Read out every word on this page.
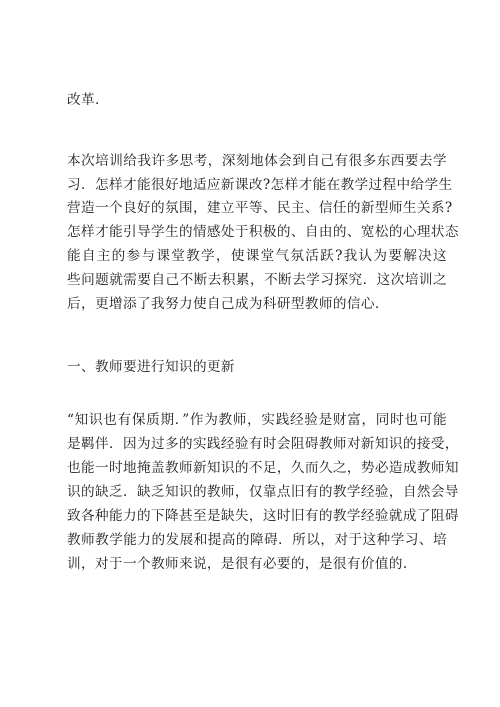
改革.
本次培训给我许多思考，深刻地体会到自己有很多东西要去学
习．怎样才能很好地适应新课改?怎样才能在教学过程中给学生
营造一个良好的氛围，建立平等、民主、信任的新型师生关系?
怎样才能引导学生的情感处于积极的、自由的、宽松的心理状态
能自主的参与课堂教学，使课堂气氛活跃?我认为要解决这
些问题就需要自己不断去积累，不断去学习探究．这次培训之
后，更增添了我努力使自己成为科研型教师的信心.
一、教师要进行知识的更新
“知识也有保质期．”作为教师，实践经验是财富，同时也可能
是羁伴．因为过多的实践经验有时会阻碍教师对新知识的接受，
也能一时地掩盖教师新知识的不足，久而久之，势必造成教师知
识的缺乏．缺乏知识的教师，仅靠点旧有的教学经验，自然会导
致各种能力的下降甚至是缺失，这时旧有的教学经验就成了阻碍
教师教学能力的发展和提高的障碍．所以，对于这种学习、培
训，对于一个教师来说，是很有必要的，是很有价值的.
